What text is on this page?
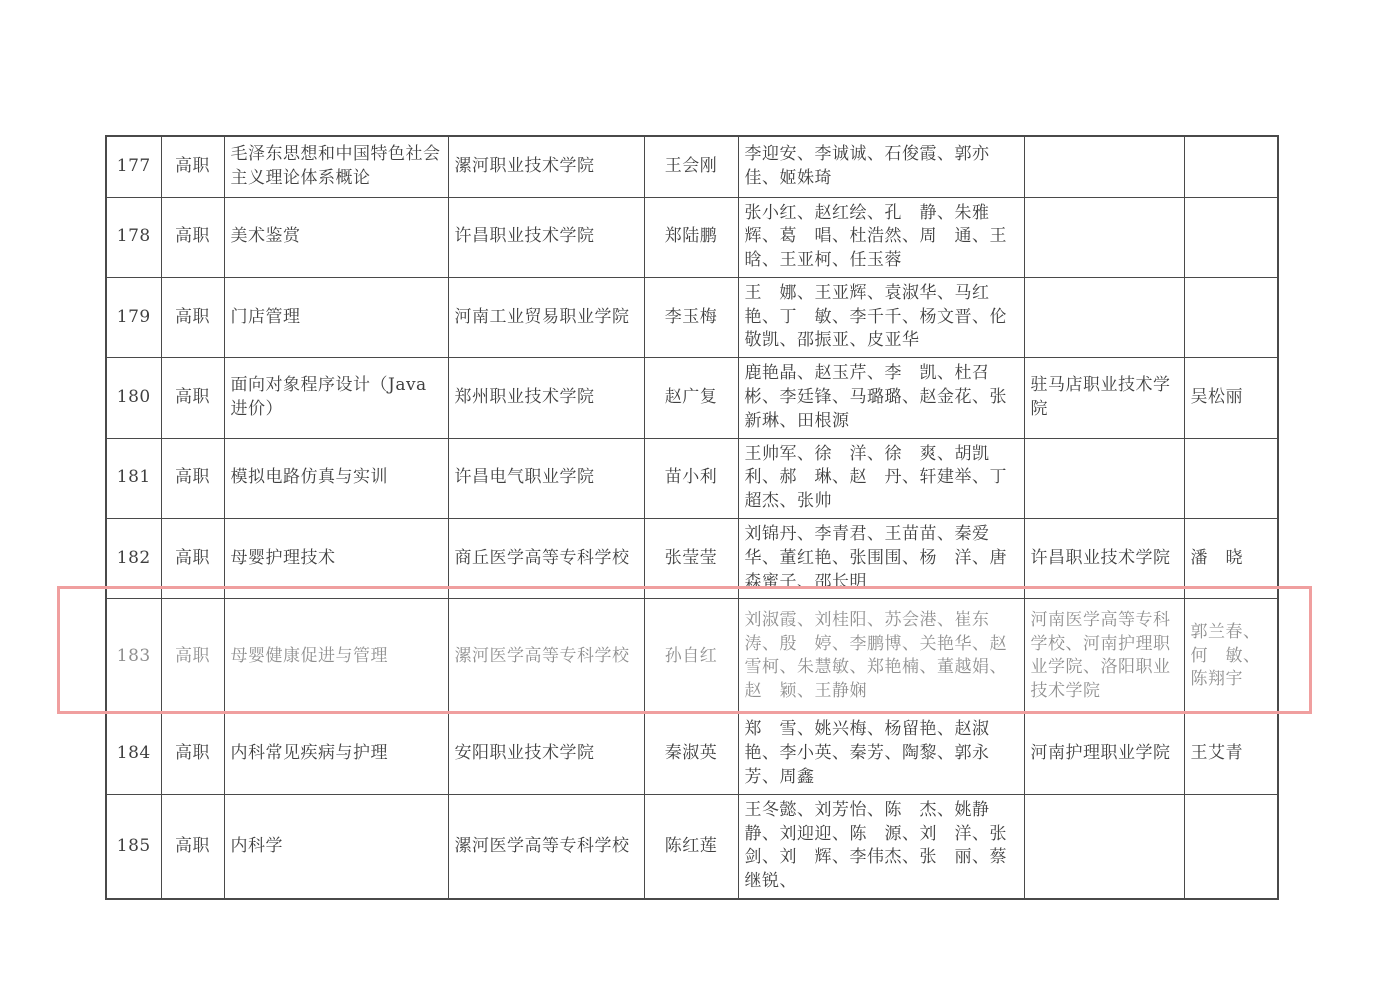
177	高职	毛泽东思想和中国特色社会主义理论体系概论	漯河职业技术学院	王会刚	李迎安、李诚诚、石俊霞、郭亦佳、姬姝琦		
178	高职	美术鉴赏	许昌职业技术学院	郑陆鹏	张小红、赵红绘、孔　静、朱雅辉、葛　唱、杜浩然、周　通、王　晗、王亚柯、任玉蓉		
179	高职	门店管理	河南工业贸易职业学院	李玉梅	王　娜、王亚辉、袁淑华、马红艳、丁　敏、李千千、杨文晋、伦敬凯、邵振亚、皮亚华		
180	高职	面向对象程序设计（Java进价）	郑州职业技术学院	赵广复	鹿艳晶、赵玉芹、李　凯、杜召彬、李廷锋、马璐璐、赵金花、张新琳、田根源	驻马店职业技术学院	吴松丽
181	高职	模拟电路仿真与实训	许昌电气职业学院	苗小利	王帅军、徐　洋、徐　爽、胡凯利、郝　琳、赵　丹、轩建举、丁超杰、张帅		
182	高职	母婴护理技术	商丘医学高等专科学校	张莹莹	刘锦丹、李青君、王苗苗、秦爱华、董红艳、张围围、杨　洋、唐森蜜子、邵长明	许昌职业技术学院	潘　晓
183	高职	母婴健康促进与管理	漯河医学高等专科学校	孙自红	刘淑霞、刘桂阳、苏会港、崔东涛、殷　婷、李鹏博、关艳华、赵雪柯、朱慧敏、郑艳楠、董越娟、赵　颖、王静娴	河南医学高等专科学校、河南护理职业学院、洛阳职业技术学院	郭兰春、何　敏、陈翔宇
184	高职	内科常见疾病与护理	安阳职业技术学院	秦淑英	郑　雪、姚兴梅、杨留艳、赵淑艳、李小英、秦芳、陶黎、郭永芳、周鑫	河南护理职业学院	王艾青
185	高职	内科学	漯河医学高等专科学校	陈红莲	王冬懿、刘芳怡、陈　杰、姚静静、刘迎迎、陈　源、刘　洋、张　剑、刘　辉、李伟杰、张　丽、蔡继锐、		
